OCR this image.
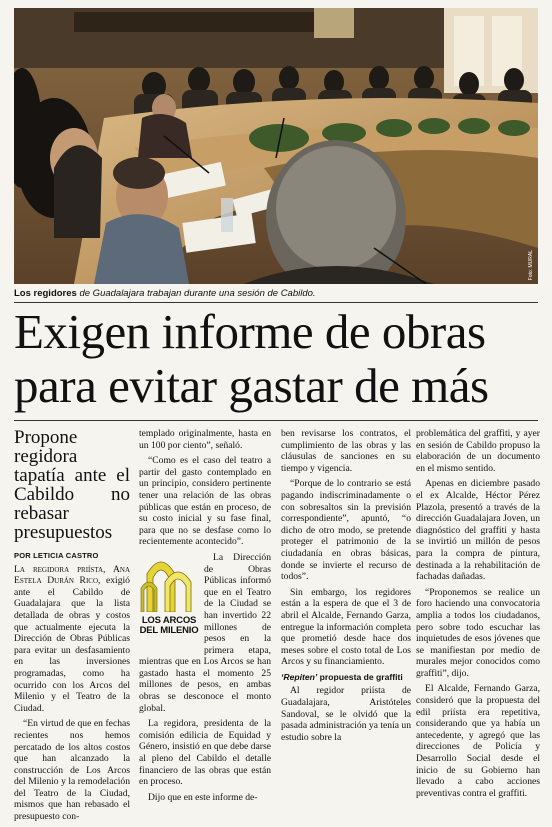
Foto: MURAL
Los regidores de Guadalajara trabajan durante una sesión de Cabildo.
Exigen informe de obras
para evitar gastar de más
Propone regidora tapatía ante el Cabildo no rebasar presupuestos
POR LETICIA CASTRO

La regidora priísta, Ana Estela Durán Rico, exigió ante el Cabildo de Guadalajara que la lista detallada de obras y costos que actualmente ejecuta la Dirección de Obras Públicas para evitar un desfasamiento en las inversiones programadas, como ha ocurrido con los Arcos del Milenio y el Teatro de la Ciudad.

“En virtud de que en fechas recientes nos hemos percatado de los altos costos que han alcanzado la construcción de Los Arcos del Milenio y la remodelación del Teatro de la Ciudad, mismos que han rebasado el presupuesto con-

templado originalmente, hasta en un 100 por ciento”, señaló.

“Como es el caso del teatro a partir del gasto contemplado en un principio, considero pertinente tener una relación de las obras públicas que están en proceso, de su costo inicial y su fase final, para que no se desfase como lo recientemente acontecido”.

LOS ARCOS
DEL MILENIO

La Dirección de Obras Públicas informó que en el Teatro de la Ciudad se han invertido 22 millones de pesos en la primera etapa, mientras que en Los Arcos se han gastado hasta el momento 25 millones de pesos, en ambas obras se desconoce el monto global.

La regidora, presidenta de la comisión edilicia de Equidad y Género, insistió en que debe darse al pleno del Cabildo el detalle financiero de las obras que están en proceso.

Dijo que en este informe de-

ben revisarse los contratos, el cumplimiento de las obras y las cláusulas de sanciones en su tiempo y vigencia.

“Porque de lo contrario se está pagando indiscriminadamente o con sobresaltos sin la previsión correspondiente”, apuntó, “o dicho de otro modo, se pretende proteger el patrimonio de la ciudadanía en obras básicas, donde se invierte el recurso de todos”.

Sin embargo, los regidores están a la espera de que el 3 de abril el Alcalde, Fernando Garza, entregue la información completa que prometió desde hace dos meses sobre el costo total de Los Arcos y su financiamiento.

‘Repiten’ propuesta de graffiti

Al regidor priísta de Guadalajara, Aristóteles Sandoval, se le olvidó que la pasada administración ya tenía un estudio sobre la

problemática del graffiti, y ayer en sesión de Cabildo propuso la elaboración de un documento en el mismo sentido.

Apenas en diciembre pasado el ex Alcalde, Héctor Pérez Plazola, presentó a través de la dirección Guadalajara Joven, un diagnóstico del graffiti y hasta se invirtió un millón de pesos para la compra de pintura, destinada a la rehabilitación de fachadas dañadas.

“Proponemos se realice un foro haciendo una convocatoria amplia a todos los ciudadanos, pero sobre todo escuchar las inquietudes de esos jóvenes que se manifiestan por medio de murales mejor conocidos como graffiti”, dijo.

El Alcalde, Fernando Garza, consideró que la propuesta del edil priísta era repetitiva, considerando que ya había un antecedente, y agregó que las direcciones de Policía y Desarrollo Social desde el inicio de su Gobierno han llevado a cabo acciones preventivas contra el graffiti.
